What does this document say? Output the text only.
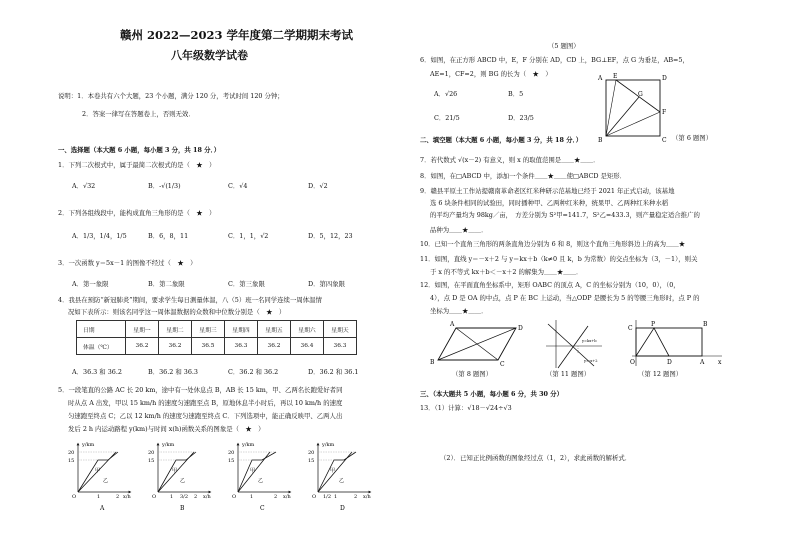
赣州 2022—2023 学年度第二学期期末考试
八年级数学试卷
说明：1．本卷共有六个大题，23 个小题，满分 120 分，考试时间 120 分钟；
2．答案一律写在答题卷上，否则无效．
一、选择题（本大题 6 小题，每小题 3 分，共 18 分．）
1．下列二次根式中，属于最简二次根式的是（　★　）
A．√32	B．-√(1/3)	C．√4	D．√2
2．下列各组线段中，能构成直角三角形的是（　★　）
A．1/3，1/4，1/5	B．6，8，11	C．1，1，√2	D．5，12，23
3．一次函数 y＝5x－1 的图像不经过（　★　）
A．第一象限	B．第二象限	C．第三象限	D．第四象限
4．我县在预防“新冠肺炎”期间，要求学生每日测量体温，八（5）班一名同学连续一周体温情
况如下表所示：则该名同学这一周体温数据的众数和中位数分别是（　★　）
日期	星期一	星期二	星期三	星期四	星期五	星期六	星期天
体温（℃）	36.2	36.2	36.5	36.3	36.2	36.4	36.3
A．36.3 和 36.2	B．36.2 和 36.3	C．36.2 和 36.2	D．36.2 和 36.1
5．一段笔直的公路 AC 长 20 km，途中有一处休息点 B，AB 长 15 km，甲、乙两名长跑爱好者同
时从点 A 出发，甲以 15 km/h 的速度匀速跑至点 B，原地休息半小时后，再以 10 km/h 的速度
匀速跑至终点 C；乙以 12 km/h 的速度匀速跑至终点 C．下列选项中，能正确反映甲、乙两人出
发后 2 h 内运动路程 y(km)与时间 x(h)函数关系的图象是（　★　）
y/km
20
15
O
甲
乙
1	2 x/h
A
y/km
20
15
O
甲
乙
1 3/2 2 x/h
B
y/km
20
15
O
甲
乙
1	2 x/h
C
y/km
20
15
O
甲
乙
1/2 1	2 x/h
D
（5 题图）
6．如图，在正方形 ABCD 中，E，F 分别在 AD，CD 上，BG⊥EF，点 G 为垂足，AB=5，
AE=1，CF=2，则 BG 的长为（　★　）
A．√26	B．5
C．21/5	D．23/5
A E	D
G
F
B	C （第 6 题图）
二、填空题（本大题 6 小题，每小题 3 分，共 18 分．）
7．若代数式 √(x－2) 有意义，则 x 的取值范围是＿＿★＿＿．
8．如图，在□ABCD 中，添加一个条件＿＿★＿＿使□ABCD 是矩形．
9．赣县平原土工作站提赣南革命老区红米种研示范基地已经于 2021 年正式启动，该基地
选 6 块条件相同的试验田，同时播种甲、乙两种红米种，统果甲、乙两种红米种水稻
的平均产量均为 98kg／亩，　方差分别为 S²甲=141.7，S²乙=433.3，则产量稳定适合推广的
品种为＿＿★＿＿．
10．已知一个直角三角形的两条直角边分别为 6 和 8，则这个直角三角形斜边上的高为＿＿★
11．如图，直线 y＝－x＋2 与 y＝kx＋b（k≠0 且 k，b 为常数）的交点坐标为（3，－1），则关
于 x 的不等式 kx＋b＜－x＋2 的解集为＿＿★＿＿．
12．如图，在平面直角坐标系中，矩形 OABC 的顶点 A，C 的坐标分别为（10，0），（0，
4），点 D 是 OA 的中点，点 P 在 BC 上运动，当△ODP 是腰长为 5 的等腰三角形时，点 P 的
坐标为＿＿★＿＿．
B	C
D
A
（第 8 题图）
y=kx+b
y=-x+2
（第 11 题图）
C
P	B
O	D	A x
（第 12 题图）
三、（本大题共 5 小题，每小题 6 分，共 30 分）
13．（1）计算：√18－√24÷√3
（2）．已知正比例函数的图象经过点（1，2），求此函数的解析式．
